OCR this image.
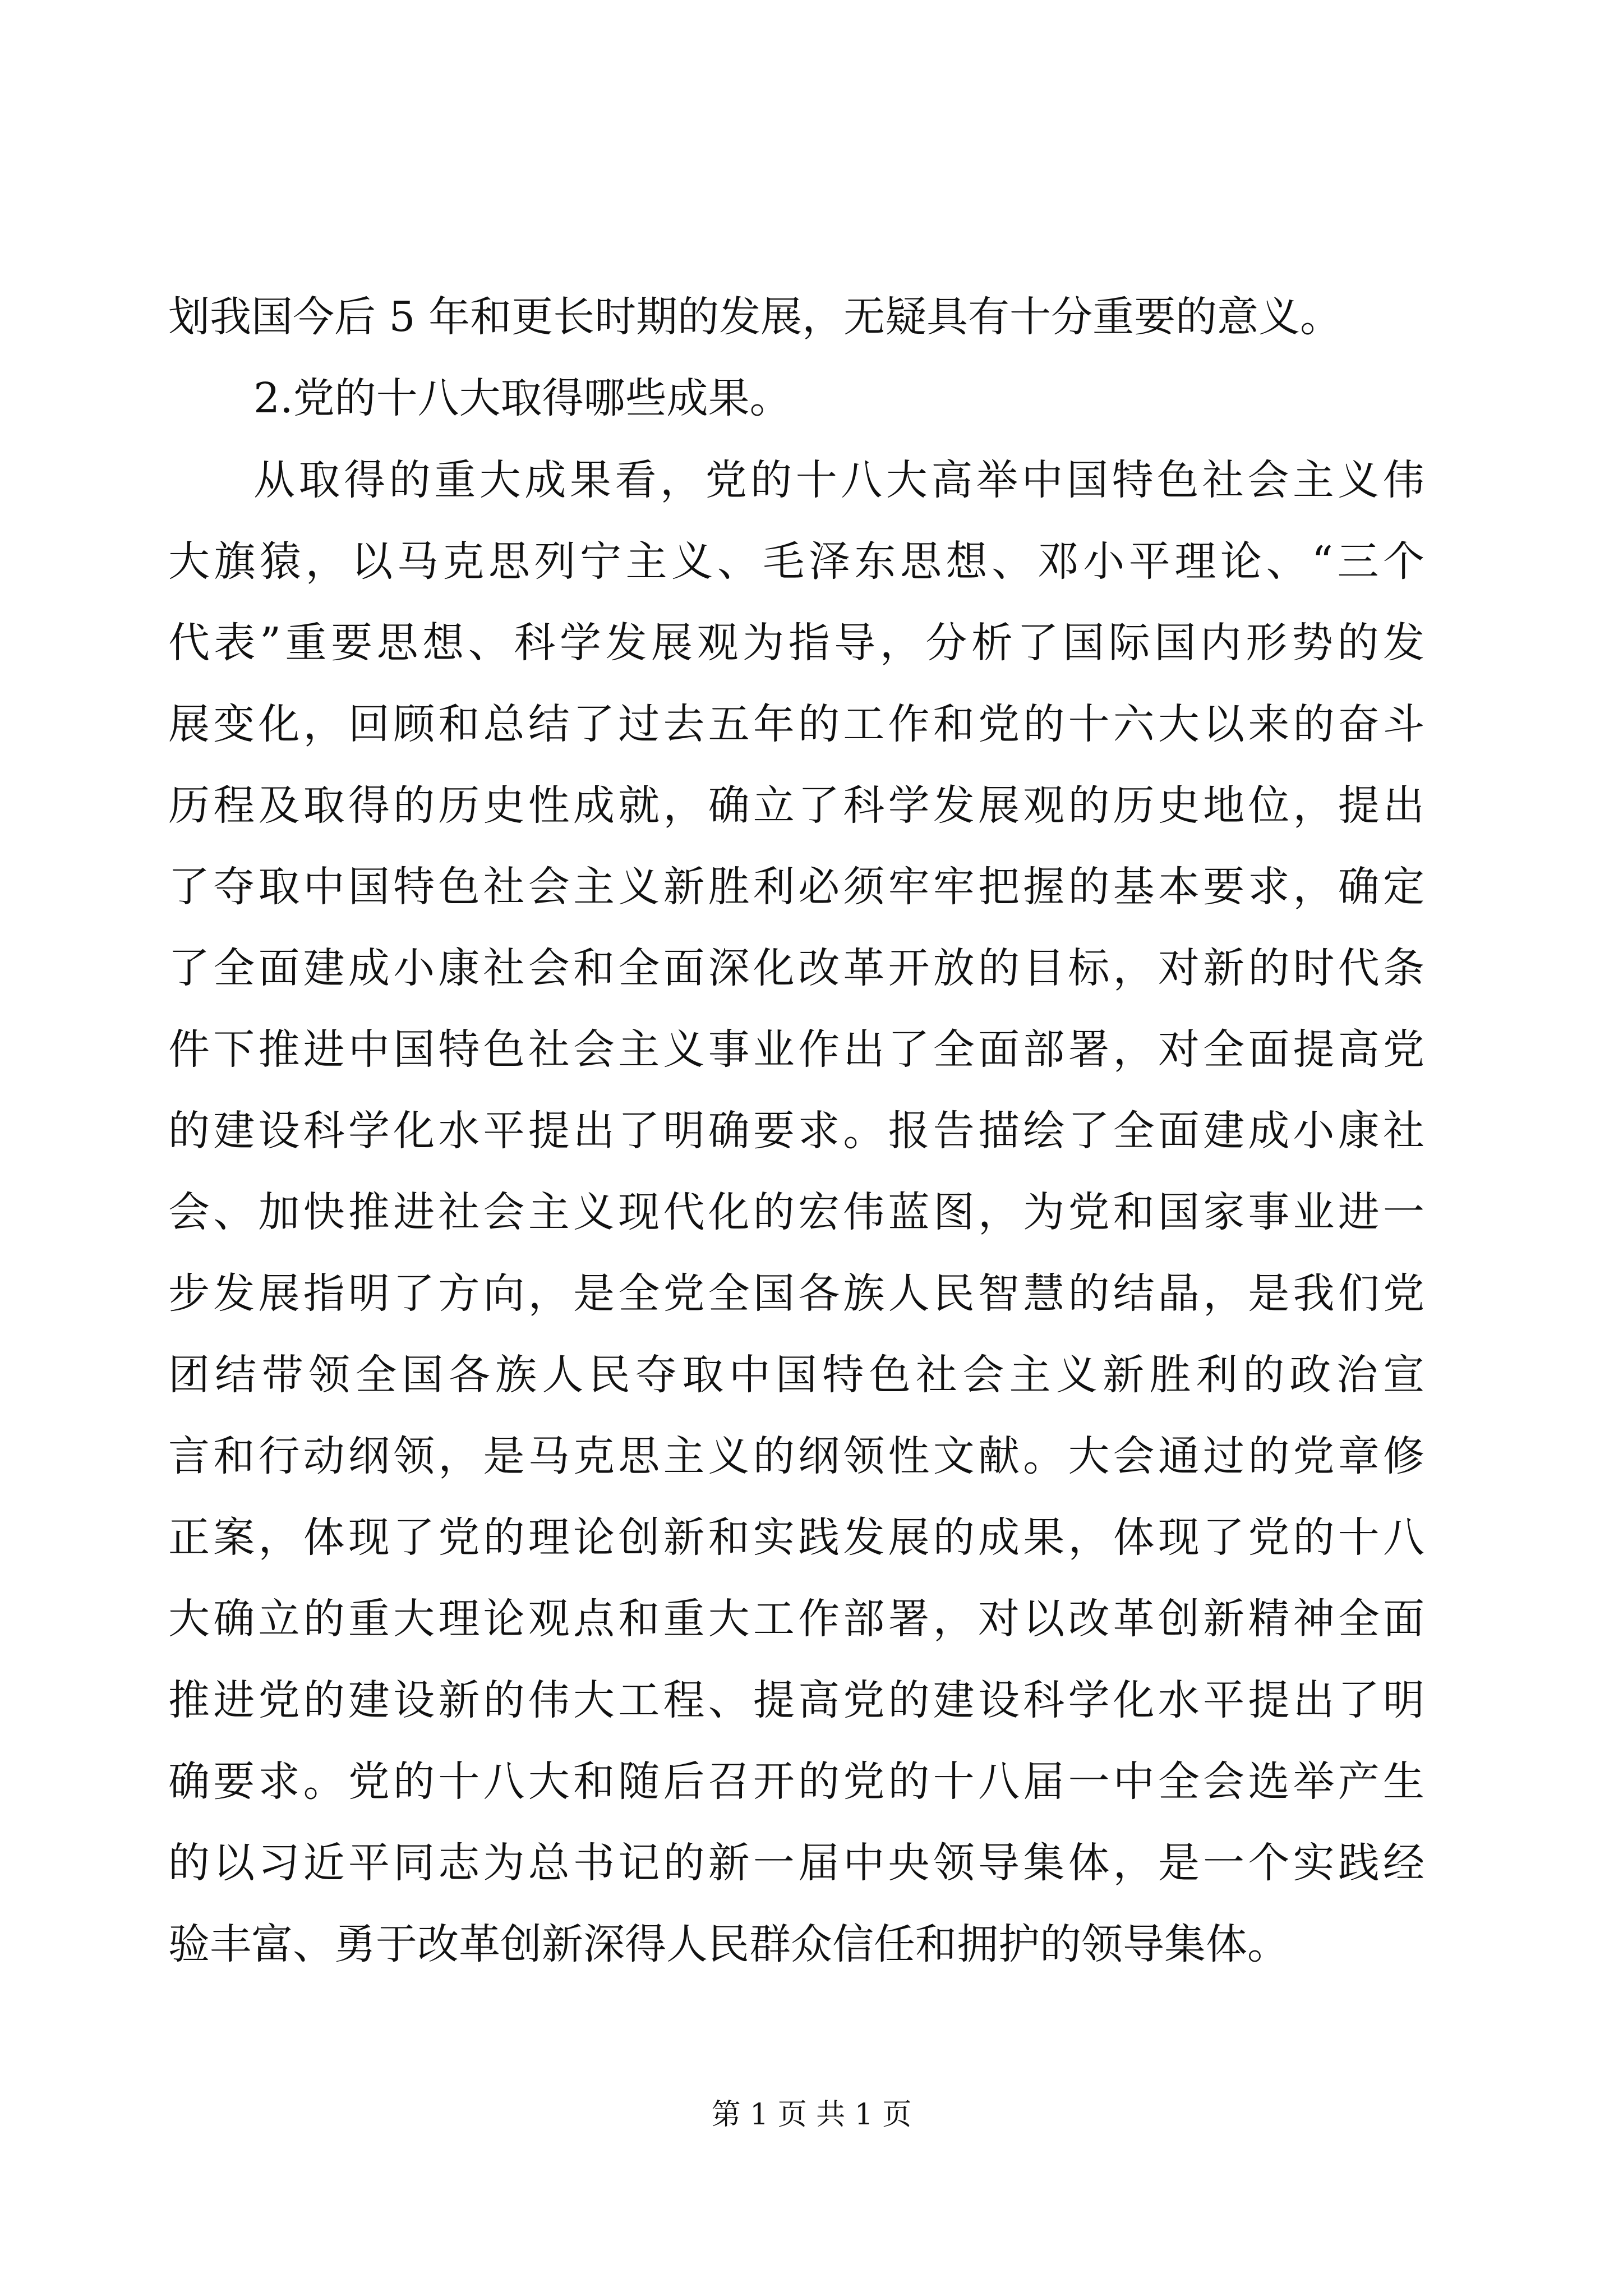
划我国今后 5 年和更长时期的发展，无疑具有十分重要的意义。
2.党的十八大取得哪些成果。
从取得的重大成果看，党的十八大高举中国特色社会主义伟
大旗猿，以马克思列宁主义、毛泽东思想、邓小平理论、“三个
代表”重要思想、科学发展观为指导，分析了国际国内形势的发
展变化，回顾和总结了过去五年的工作和党的十六大以来的奋斗
历程及取得的历史性成就，确立了科学发展观的历史地位，提出
了夺取中国特色社会主义新胜利必须牢牢把握的基本要求，确定
了全面建成小康社会和全面深化改革开放的目标，对新的时代条
件下推进中国特色社会主义事业作出了全面部署，对全面提高党
的建设科学化水平提出了明确要求。报告描绘了全面建成小康社
会、加快推进社会主义现代化的宏伟蓝图，为党和国家事业进一
步发展指明了方向，是全党全国各族人民智慧的结晶，是我们党
团结带领全国各族人民夺取中国特色社会主义新胜利的政治宣
言和行动纲领，是马克思主义的纲领性文献。大会通过的党章修
正案，体现了党的理论创新和实践发展的成果，体现了党的十八
大确立的重大理论观点和重大工作部署，对以改革创新精神全面
推进党的建设新的伟大工程、提高党的建设科学化水平提出了明
确要求。党的十八大和随后召开的党的十八届一中全会选举产生
的以习近平同志为总书记的新一届中央领导集体，是一个实践经
验丰富、勇于改革创新深得人民群众信任和拥护的领导集体。
第 1 页 共 1 页
